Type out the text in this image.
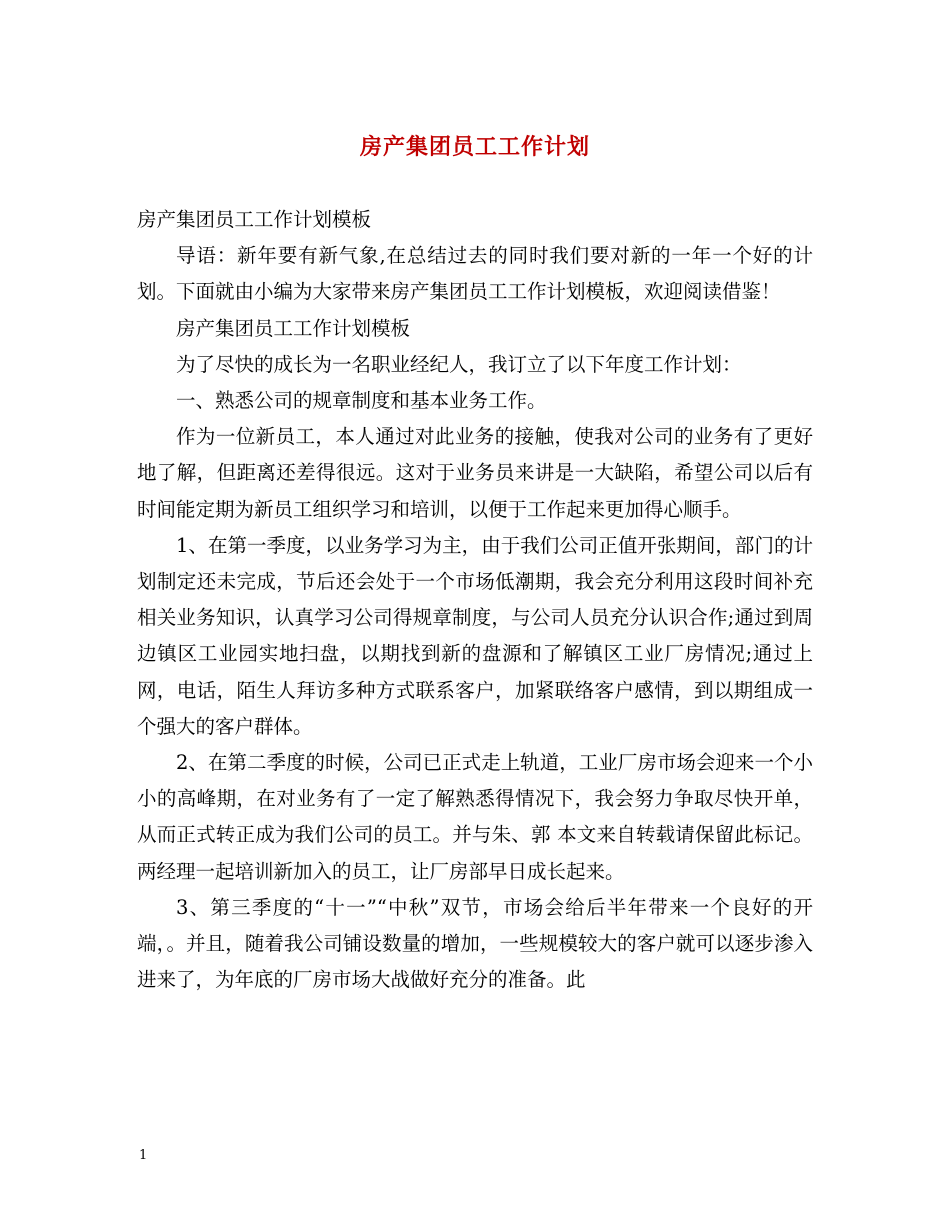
房产集团员工工作计划

房产集团员工工作计划模板

导语：新年要有新气象,在总结过去的同时我们要对新的一年一个好的计划。下面就由小编为大家带来房产集团员工工作计划模板，欢迎阅读借鉴！

房产集团员工工作计划模板

为了尽快的成长为一名职业经纪人，我订立了以下年度工作计划：

一、熟悉公司的规章制度和基本业务工作。

作为一位新员工，本人通过对此业务的接触，使我对公司的业务有了更好地了解，但距离还差得很远。这对于业务员来讲是一大缺陷，希望公司以后有时间能定期为新员工组织学习和培训，以便于工作起来更加得心顺手。

1、在第一季度，以业务学习为主，由于我们公司正值开张期间，部门的计划制定还未完成，节后还会处于一个市场低潮期，我会充分利用这段时间补充相关业务知识，认真学习公司得规章制度，与公司人员充分认识合作;通过到周边镇区工业园实地扫盘，以期找到新的盘源和了解镇区工业厂房情况;通过上网，电话，陌生人拜访多种方式联系客户，加紧联络客户感情，到以期组成一个强大的客户群体。

2、在第二季度的时候，公司已正式走上轨道，工业厂房市场会迎来一个小小的高峰期，在对业务有了一定了解熟悉得情况下，我会努力争取尽快开单，从而正式转正成为我们公司的员工。并与朱、郭 本文来自转载请保留此标记。 两经理一起培训新加入的员工，让厂房部早日成长起来。

3、第三季度的“十一”“中秋”双节，市场会给后半年带来一个良好的开端，。并且，随着我公司铺设数量的增加，一些规模较大的客户就可以逐步渗入进来了，为年底的厂房市场大战做好充分的准备。此

1
